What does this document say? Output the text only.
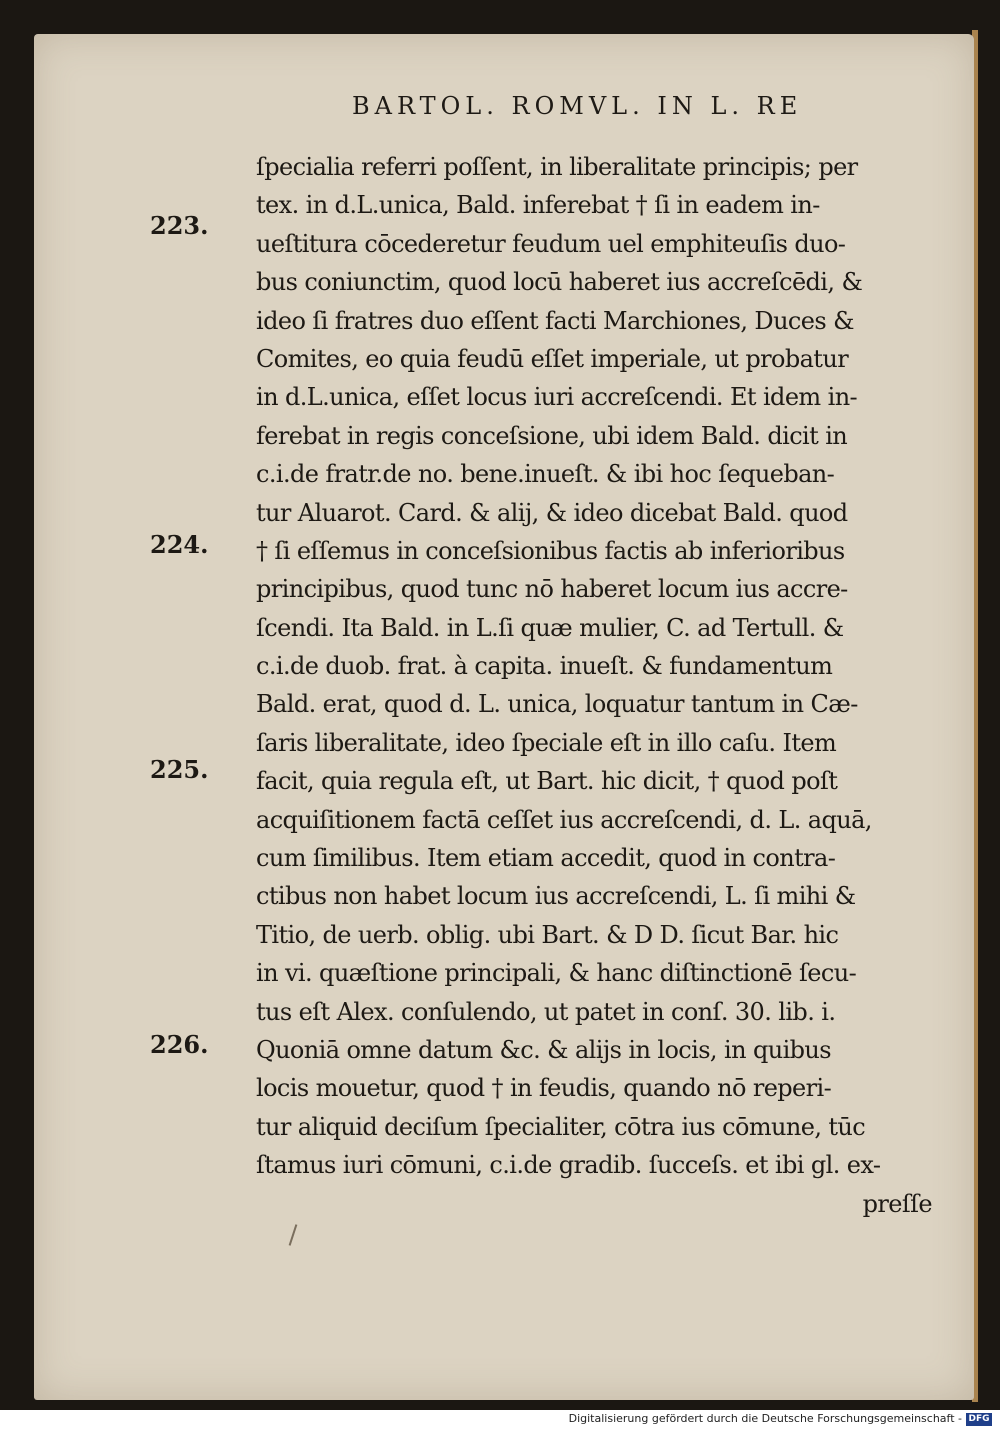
BARTOL. ROMVL. IN L. RE
223.
224.
225.
226.
ſpecialia referri poſſent, in liberalitate principis; per
tex. in d.L.unica, Bald. inferebat † ſi in eadem in-
ueſtitura cōcederetur feudum uel emphiteuſis duo-
bus coniunctim, quod locū haberet ius accreſcēdi, &
ideo ſi fratres duo eſſent facti Marchiones, Duces &
Comites, eo quia feudū eſſet imperiale, ut probatur
in d.L.unica, eſſet locus iuri accreſcendi. Et idem in-
ferebat in regis conceſsione, ubi idem Bald. dicit in
c.i.de fratr.de no. bene.inueſt. & ibi hoc ſequeban-
tur Aluarot. Card. & alij, & ideo dicebat Bald. quod
† ſi eſſemus in conceſsionibus factis ab inferioribus
principibus, quod tunc nō haberet locum ius accre-
ſcendi. Ita Bald. in L.ſi quæ mulier, C. ad Tertull. &
c.i.de duob. frat. à capita. inueſt. & fundamentum
Bald. erat, quod d. L. unica, loquatur tantum in Cæ-
ſaris liberalitate, ideo ſpeciale eſt in illo caſu. Item
facit, quia regula eſt, ut Bart. hic dicit, † quod poſt
acquiſitionem factā ceſſet ius accreſcendi, d. L. aquā,
cum ſimilibus. Item etiam accedit, quod in contra-
ctibus non habet locum ius accreſcendi, L. ſi mihi &
Titio, de uerb. oblig. ubi Bart. & D D. ſicut Bar. hic
in vi. quæſtione principali, & hanc diſtinctionē ſecu-
tus eſt Alex. conſulendo, ut patet in conſ. 30. lib. i.
Quoniā omne datum &c. & alijs in locis, in quibus
locis mouetur, quod † in feudis, quando nō reperi-
tur aliquid deciſum ſpecialiter, cōtra ius cōmune, tūc
ſtamus iuri cōmuni, c.i.de gradib. ſucceſs. et ibi gl. ex-
preſſe
Digitalisierung gefördert durch die Deutsche Forschungsgemeinschaft - DFG
